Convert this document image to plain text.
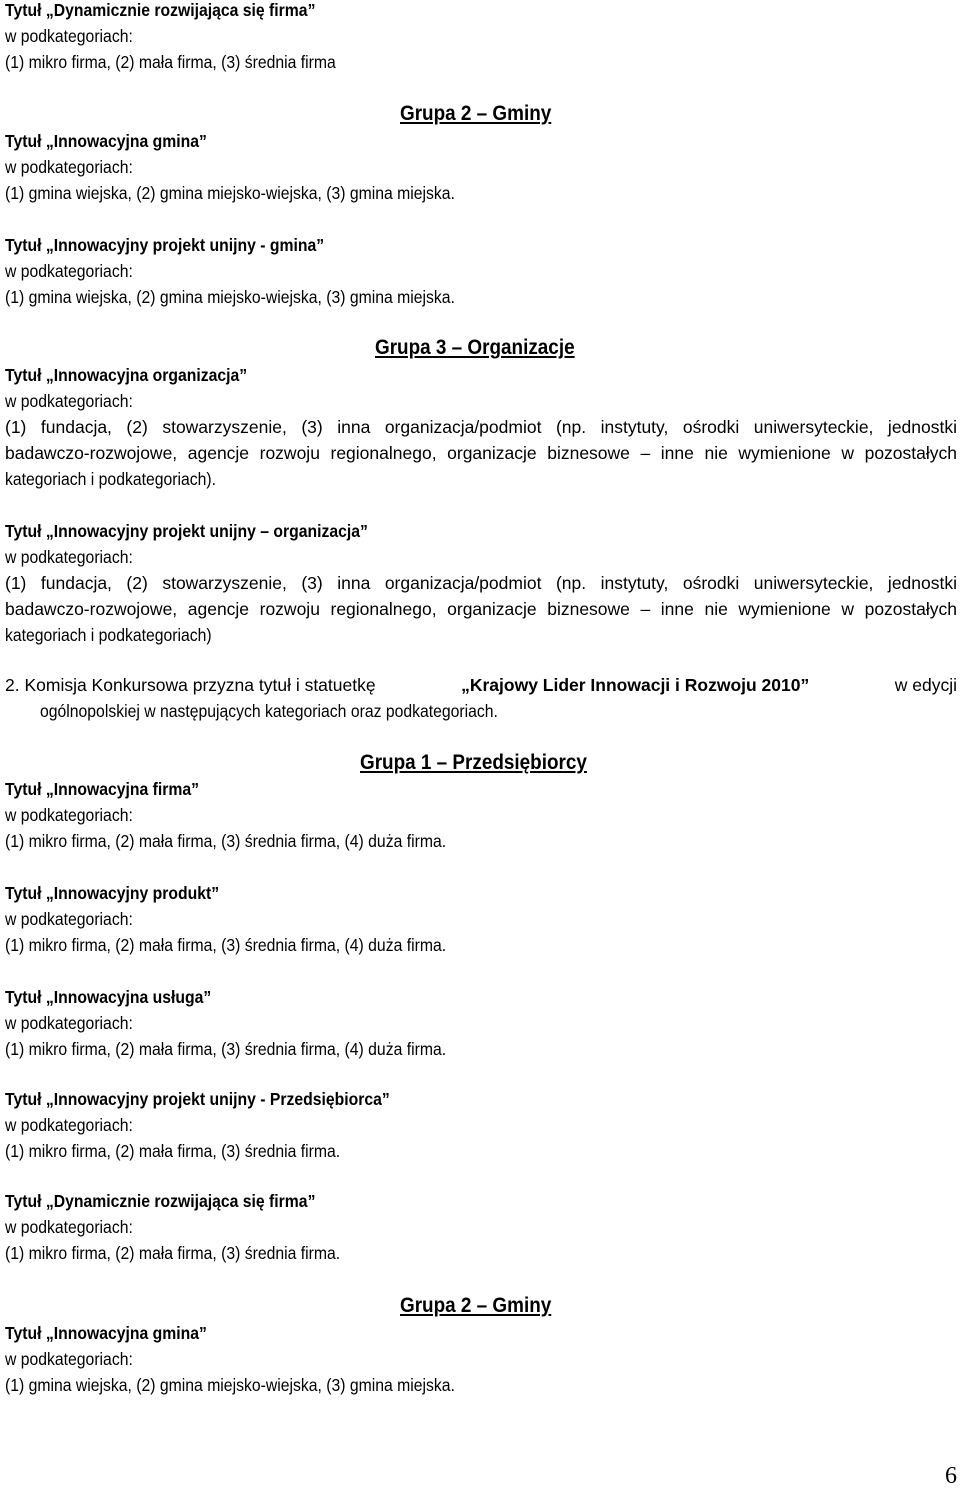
Tytuł „Dynamicznie rozwijająca się firma”
w podkategoriach:
(1) mikro firma, (2) mała firma, (3) średnia firma
Grupa 2 – Gminy
Tytuł „Innowacyjna gmina”
w podkategoriach:
(1) gmina wiejska, (2) gmina miejsko-wiejska, (3) gmina miejska.
Tytuł „Innowacyjny projekt unijny - gmina”
w podkategoriach:
(1) gmina wiejska, (2) gmina miejsko-wiejska, (3) gmina miejska.
Grupa 3 – Organizacje
Tytuł „Innowacyjna organizacja”
w podkategoriach:
(1) fundacja, (2) stowarzyszenie, (3) inna organizacja/podmiot (np. instytuty, ośrodki uniwersyteckie, jednostki
badawczo-rozwojowe, agencje rozwoju regionalnego, organizacje biznesowe – inne nie wymienione w pozostałych
kategoriach i podkategoriach).
Tytuł „Innowacyjny projekt unijny – organizacja”
w podkategoriach:
(1) fundacja, (2) stowarzyszenie, (3) inna organizacja/podmiot (np. instytuty, ośrodki uniwersyteckie, jednostki
badawczo-rozwojowe, agencje rozwoju regionalnego, organizacje biznesowe – inne nie wymienione w pozostałych
kategoriach i podkategoriach)
2. Komisja Konkursowa przyzna tytuł i statuetkę	„Krajowy Lider Innowacji i Rozwoju 2010”	w edycji
ogólnopolskiej w następujących kategoriach oraz podkategoriach.
Grupa 1 – Przedsiębiorcy
Tytuł „Innowacyjna firma”
w podkategoriach:
(1) mikro firma, (2) mała firma, (3) średnia firma, (4) duża firma.
Tytuł „Innowacyjny produkt”
w podkategoriach:
(1) mikro firma, (2) mała firma, (3) średnia firma, (4) duża firma.
Tytuł „Innowacyjna usługa”
w podkategoriach:
(1) mikro firma, (2) mała firma, (3) średnia firma, (4) duża firma.
Tytuł „Innowacyjny projekt unijny - Przedsiębiorca”
w podkategoriach:
(1) mikro firma, (2) mała firma, (3) średnia firma.
Tytuł „Dynamicznie rozwijająca się firma”
w podkategoriach:
(1) mikro firma, (2) mała firma, (3) średnia firma.
Grupa 2 – Gminy
Tytuł „Innowacyjna gmina”
w podkategoriach:
(1) gmina wiejska, (2) gmina miejsko-wiejska, (3) gmina miejska.
6
